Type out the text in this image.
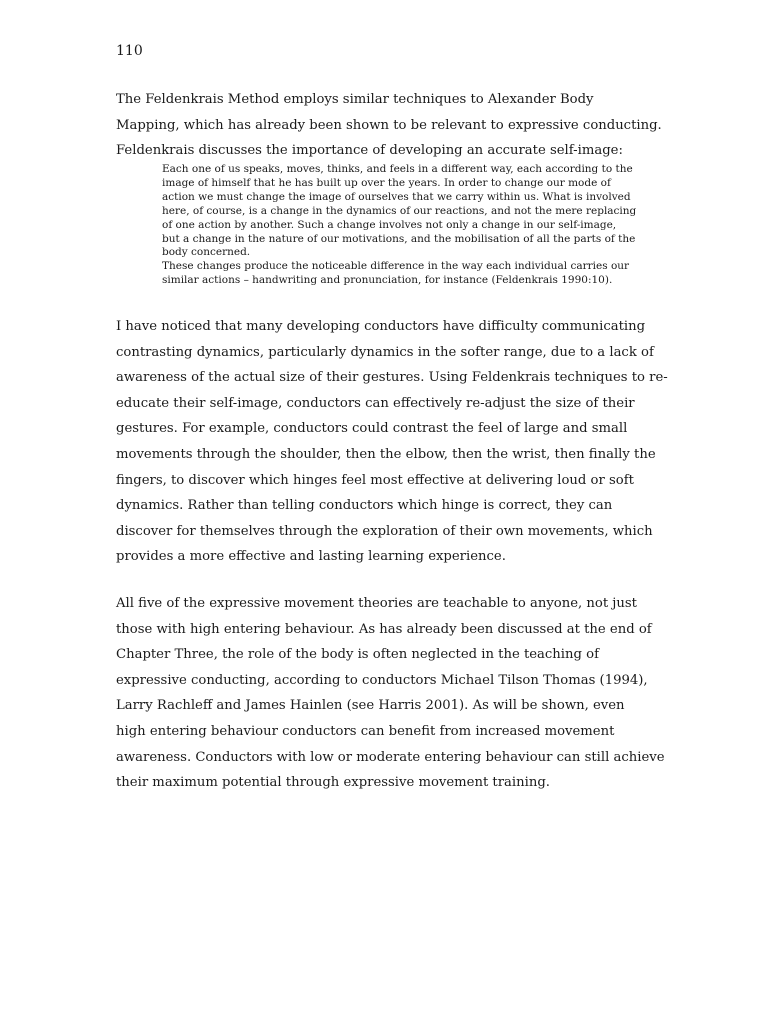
110

The Feldenkrais Method employs similar techniques to Alexander Body
Mapping, which has already been shown to be relevant to expressive conducting.
Feldenkrais discusses the importance of developing an accurate self-image:

Each one of us speaks, moves, thinks, and feels in a different way, each according to the
image of himself that he has built up over the years. In order to change our mode of
action we must change the image of ourselves that we carry within us. What is involved
here, of course, is a change in the dynamics of our reactions, and not the mere replacing
of one action by another. Such a change involves not only a change in our self-image,
but a change in the nature of our motivations, and the mobilisation of all the parts of the
body concerned.
These changes produce the noticeable difference in the way each individual carries our
similar actions – handwriting and pronunciation, for instance (Feldenkrais 1990:10).

I have noticed that many developing conductors have difficulty communicating
contrasting dynamics, particularly dynamics in the softer range, due to a lack of
awareness of the actual size of their gestures. Using Feldenkrais techniques to re-
educate their self-image, conductors can effectively re-adjust the size of their
gestures. For example, conductors could contrast the feel of large and small
movements through the shoulder, then the elbow, then the wrist, then finally the
fingers, to discover which hinges feel most effective at delivering loud or soft
dynamics. Rather than telling conductors which hinge is correct, they can
discover for themselves through the exploration of their own movements, which
provides a more effective and lasting learning experience.

All five of the expressive movement theories are teachable to anyone, not just
those with high entering behaviour. As has already been discussed at the end of
Chapter Three, the role of the body is often neglected in the teaching of
expressive conducting, according to conductors Michael Tilson Thomas (1994),
Larry Rachleff and James Hainlen (see Harris 2001). As will be shown, even
high entering behaviour conductors can benefit from increased movement
awareness. Conductors with low or moderate entering behaviour can still achieve
their maximum potential through expressive movement training.
